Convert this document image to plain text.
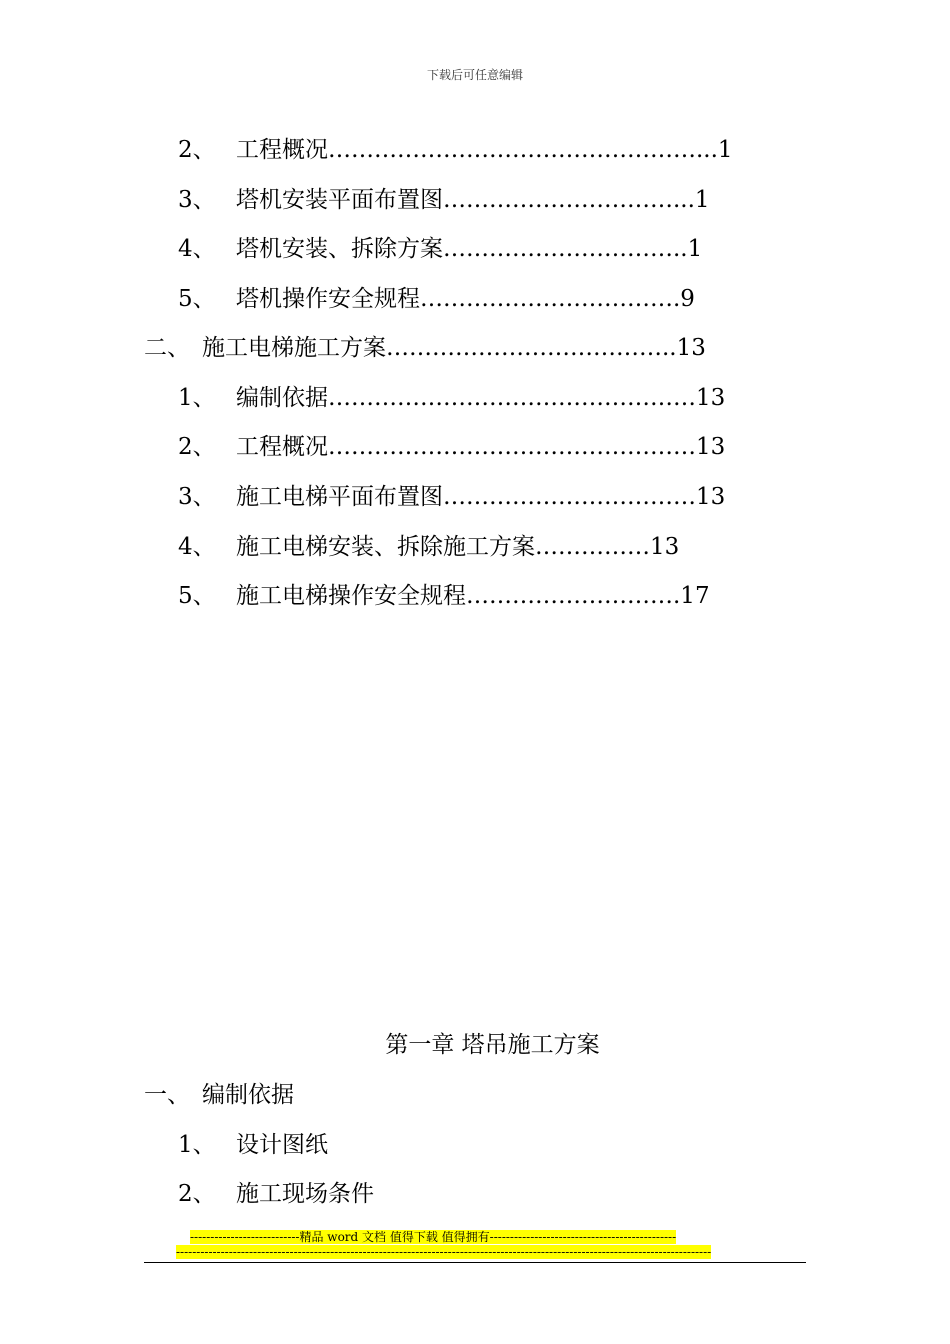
下载后可任意编辑
2、 工程概况…………………………………………...1
3、 塔机安装平面布置图…………………………...1
4、 塔机安装、拆除方案…………………………..1
5、 塔机操作安全规程…………………………….9
二、 施工电梯施工方案………………………………..13
1、 编制依据…………………………………………13
2、 工程概况…………………………………………13
3、 施工电梯平面布置图……………………………13
4、 施工电梯安装、拆除施工方案……………13
5、 施工电梯操作安全规程……………………….17
第一章 塔吊施工方案
一、 编制依据
1、 设计图纸
2、 施工现场条件
---------------------------精品 word 文档 值得下载 值得拥有----------------------------------------------
------------------------------------------------------------------------------------------------------------------------------------
